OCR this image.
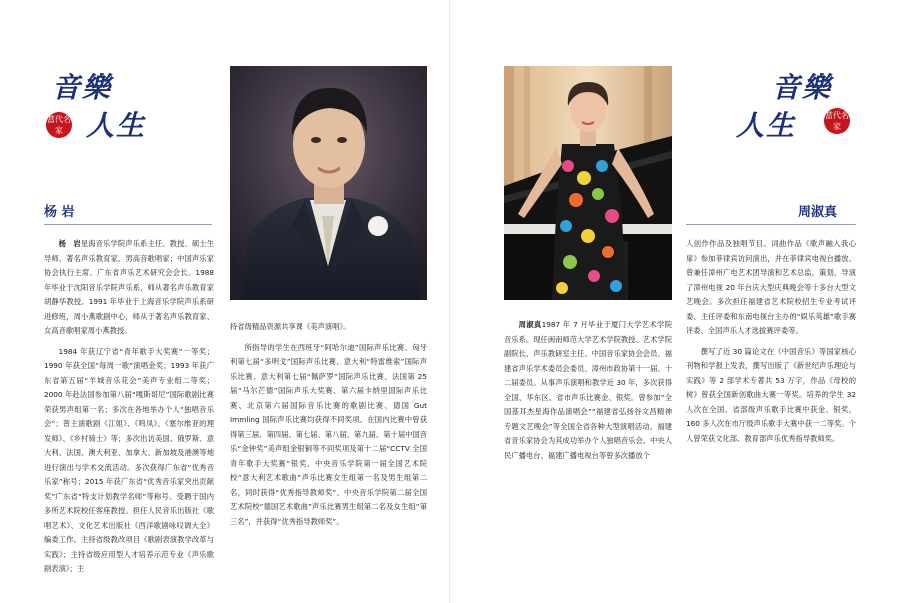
音樂
當代名家 人生
杨 岩

杨　岩星海音乐学院声乐系主任、教授、硕士生导师、著名声乐教育家、男高音歌唱家；中国声乐家协会执行主席、广东省声乐艺术研究会会长。1988 年毕业于沈阳音乐学院声乐系，师从著名声乐教育家胡静华教授。1991 年毕业于上海音乐学院声乐系研进修班，周小燕歌剧中心，师从于著名声乐教育家、女高音歌唱家周小燕教授。

1984 年获辽宁省“青年歌手大奖赛”一等奖；1990 年获全国“每周一歌”演唱金奖；1993 年获广东省第五届“羊城音乐花会”美声专业组二等奖；2000 年赴法国参加第八届“嘎斯哥尼”国际歌剧比赛荣获男声组第一名；多次在各地举办个人“独唱音乐会”；曾主演歌剧《江姐》、《鸣凤》、《塞尔维亚的理发师》、《乡村骑士》等；多次出访美国、俄罗斯、意大利、法国、澳大利亚、加拿大、新加坡及港澳等地进行演出与学术交流活动。多次获得广东省“优秀音乐家”称号；2015 年获广东省“优秀音乐家突出贡献奖”广东省“特支计划教学名师”等称号。受聘于国内多所艺术院校任客座教授。担任人民音乐出版社《歌唱艺术》、文化艺术出版社《西洋歌剧咏叹调大全》编委工作。主持省级教改项目《歌剧表演教学改革与实践》；主持省级应用型人才培养示范专业《声乐歌剧表演》；主

持省级精品资源共享课《美声演唱》。

所指导的学生在西班牙“阿哈尔迪”国际声乐比赛、匈牙利第七届“多明戈”国际声乐比赛、意大利“特雷维索”国际声乐比赛、意大利第七届“佩萨罗”国际声乐比赛、法国第 25 届“马尔芒德”国际声乐大奖赛、第六届卡纳里国际声乐比赛、北京第六届国际音乐比赛的歌剧比赛、德国 Gut Immling 国际声乐比赛均获得不同奖项。在国内比赛中曾获得第三届、第四届、第七届、第八届、第九届、第十届中国音乐“金钟奖”美声组金银铜等不同奖项及第十二届“CCTV 全国青年歌手大奖赛”银奖、中央音乐学院第一届全国艺术院校“意大利艺术歌曲”声乐比赛女生组第一名及男生组第二名，同时获得“优秀指导教师奖”、中央音乐学院第二届全国艺术院校“德国艺术歌曲”声乐比赛男生组第二名及女生组“第三名”，并获得“优秀指导教师奖”。

音樂
當代名家
人生
周淑真

周淑真1987 年 7 月毕业于厦门大学艺术学院音乐系。现任闽南师范大学艺术学院教授、艺术学院副院长、声乐教研室主任、中国音乐家协会会员、福建省声乐学术委员会委员、漳州市政协第十一届、十二届委员。从事声乐演唱和教学近 30 年，多次获得全国、华东区、省市声乐比赛金、银奖。曾参加“全国基耳杰星海作品演唱会”“福建省弘扬谷文昌精神专题文艺晚会”等全国全省各种大型演唱活动，福建省音乐家协会为其成功举办个人独唱音乐会。中央人民广播电台、福建广播电视台等曾多次播放个

人创作作品及独唱节目。词曲作品《歌声融入我心扉》参加菲律宾访问演出，并在菲律宾电视台播放。曾兼任漳州广电艺术团导演和艺术总监，策划、导演了漳州电视 20 年台庆大型庆典晚会等十多台大型文艺晚会。多次担任福建省艺术院校招生专业考试评委、主任评委和东南电视台主办的“娱乐英雄”歌手赛评委、全国声乐人才选拔赛评委等。

撰写了近 30 篇论文在《中国音乐》等国家核心刊物和学报上发表，撰写出版了《新世纪声乐理论与实践》等 2 部学术专著共 53 万字，作品《母校的树》曾获全国新创歌曲大赛一等奖。培养的学生 32 人次在全国、省部级声乐歌手比赛中获金、银奖，160 多人次在市厅级声乐歌手大赛中获一二等奖。个人曾荣获文化部、教育部声乐优秀指导教师奖。
